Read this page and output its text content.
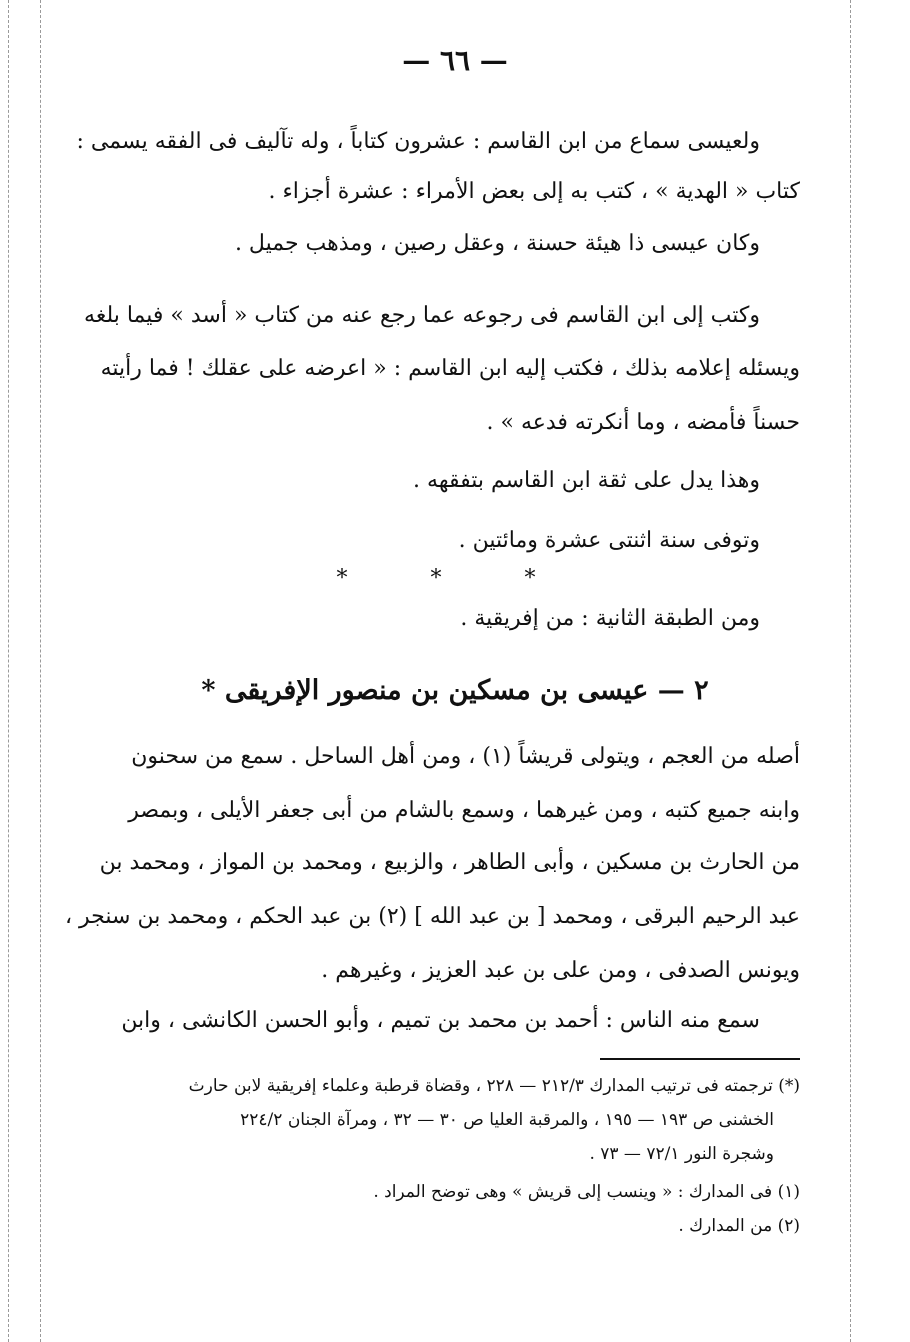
— ٦٦ —
ولعيسى سماع من ابن القاسم : عشرون كتاباً ، وله تآليف فى الفقه يسمى :
كتاب « الهدية » ، كتب به إلى بعض الأمراء : عشرة أجزاء .
وكان عيسى ذا هيئة حسنة ، وعقل رصين ، ومذهب جميل .
وكتب إلى ابن القاسم فى رجوعه عما رجع عنه من كتاب « أسد » فيما بلغه
ويسئله إعلامه بذلك ، فكتب إليه ابن القاسم : « اعرضه على عقلك ! فما رأيته
حسناً فأمضه ، وما أنكرته فدعه » .
وهذا يدل على ثقة ابن القاسم بتفقهه .
وتوفى سنة اثنتى عشرة ومائتين .
* * *
ومن الطبقة الثانية : من إفريقية .
٢ — عيسى بن مسكين بن منصور الإفريقى *
أصله من العجم ، ويتولى قريشاً (١) ، ومن أهل الساحل . سمع من سحنون
وابنه جميع كتبه ، ومن غيرهما ، وسمع بالشام من أبى جعفر الأيلى ، وبمصر
من الحارث بن مسكين ، وأبى الطاهر ، والزبيع ، ومحمد بن المواز ، ومحمد بن
عبد الرحيم البرقى ، ومحمد [ بن عبد الله ] (٢) بن عبد الحكم ، ومحمد بن سنجر ،
ويونس الصدفى ، ومن على بن عبد العزيز ، وغيرهم .
سمع منه الناس : أحمد بن محمد بن تميم ، وأبو الحسن الكانشى ، وابن
(*) ترجمته فى ترتيب المدارك ٢١٢/٣ — ٢٢٨ ، وقضاة قرطبة وعلماء إفريقية لابن حارث
الخشنى ص ١٩٣ — ١٩٥ ، والمرقبة العليا ص ٣٠ — ٣٢ ، ومرآة الجنان ٢٢٤/٢
وشجرة النور ٧٢/١ — ٧٣ .
(١) فى المدارك : « وينسب إلى قريش » وهى توضح المراد .
(٢) من المدارك .
